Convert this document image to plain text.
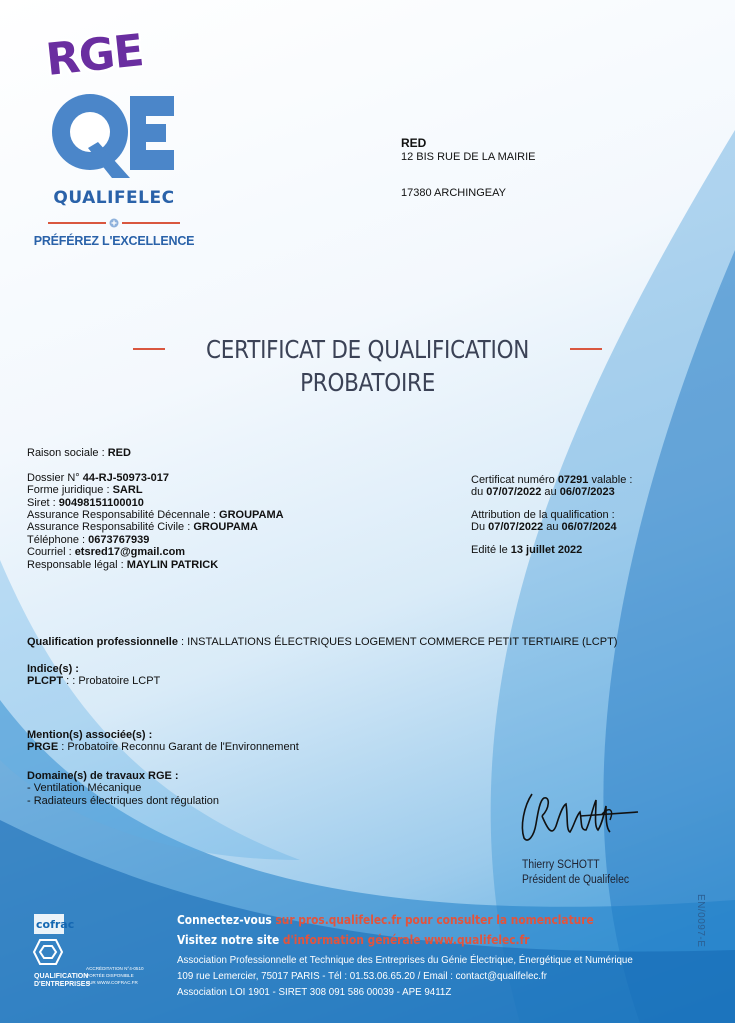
RGE
QUALIFELEC
PRÉFÉREZ L'EXCELLENCE
RED
12 BIS RUE DE LA MAIRIE
17380 ARCHINGEAY
CERTIFICAT DE QUALIFICATION
PROBATOIRE
Raison sociale : RED
Dossier N° 44-RJ-50973-017
Forme juridique : SARL
Siret : 90498151100010
Assurance Responsabilité Décennale : GROUPAMA
Assurance Responsabilité Civile : GROUPAMA
Téléphone : 0673767939
Courriel : etsred17@gmail.com
Responsable légal : MAYLIN PATRICK
Certificat numéro 07291 valable :
du 07/07/2022 au 06/07/2023
Attribution de la qualification :
Du 07/07/2022 au 06/07/2024
Edité le 13 juillet 2022
Qualification professionnelle : INSTALLATIONS ÉLECTRIQUES LOGEMENT COMMERCE PETIT TERTIAIRE (LCPT)
Indice(s) :
PLCPT : : Probatoire LCPT
Mention(s) associée(s) :
PRGE : Probatoire Reconnu Garant de l'Environnement
Domaine(s) de travaux RGE :
- Ventilation Mécanique
- Radiateurs électriques dont régulation
Thierry SCHOTT
Président de Qualifelec
cofrac
QUALIFICATION
D'ENTREPRISES
ACCRÉDITATION N°4-0510
PORTÉE DISPONIBLE
SUR WWW.COFRAC.FR
Connectez-vous sur pros.qualifelec.fr pour consulter la nomenclature
Visitez notre site d'information générale www.qualifelec.fr
Association Professionnelle et Technique des Entreprises du Génie Électrique, Énergétique et Numérique
109 rue Lemercier, 75017 PARIS - Tél : 01.53.06.65.20 / Email : contact@qualifelec.fr
Association LOI 1901 - SIRET 308 091 586 00039 - APE 9411Z
EN/0097-E
